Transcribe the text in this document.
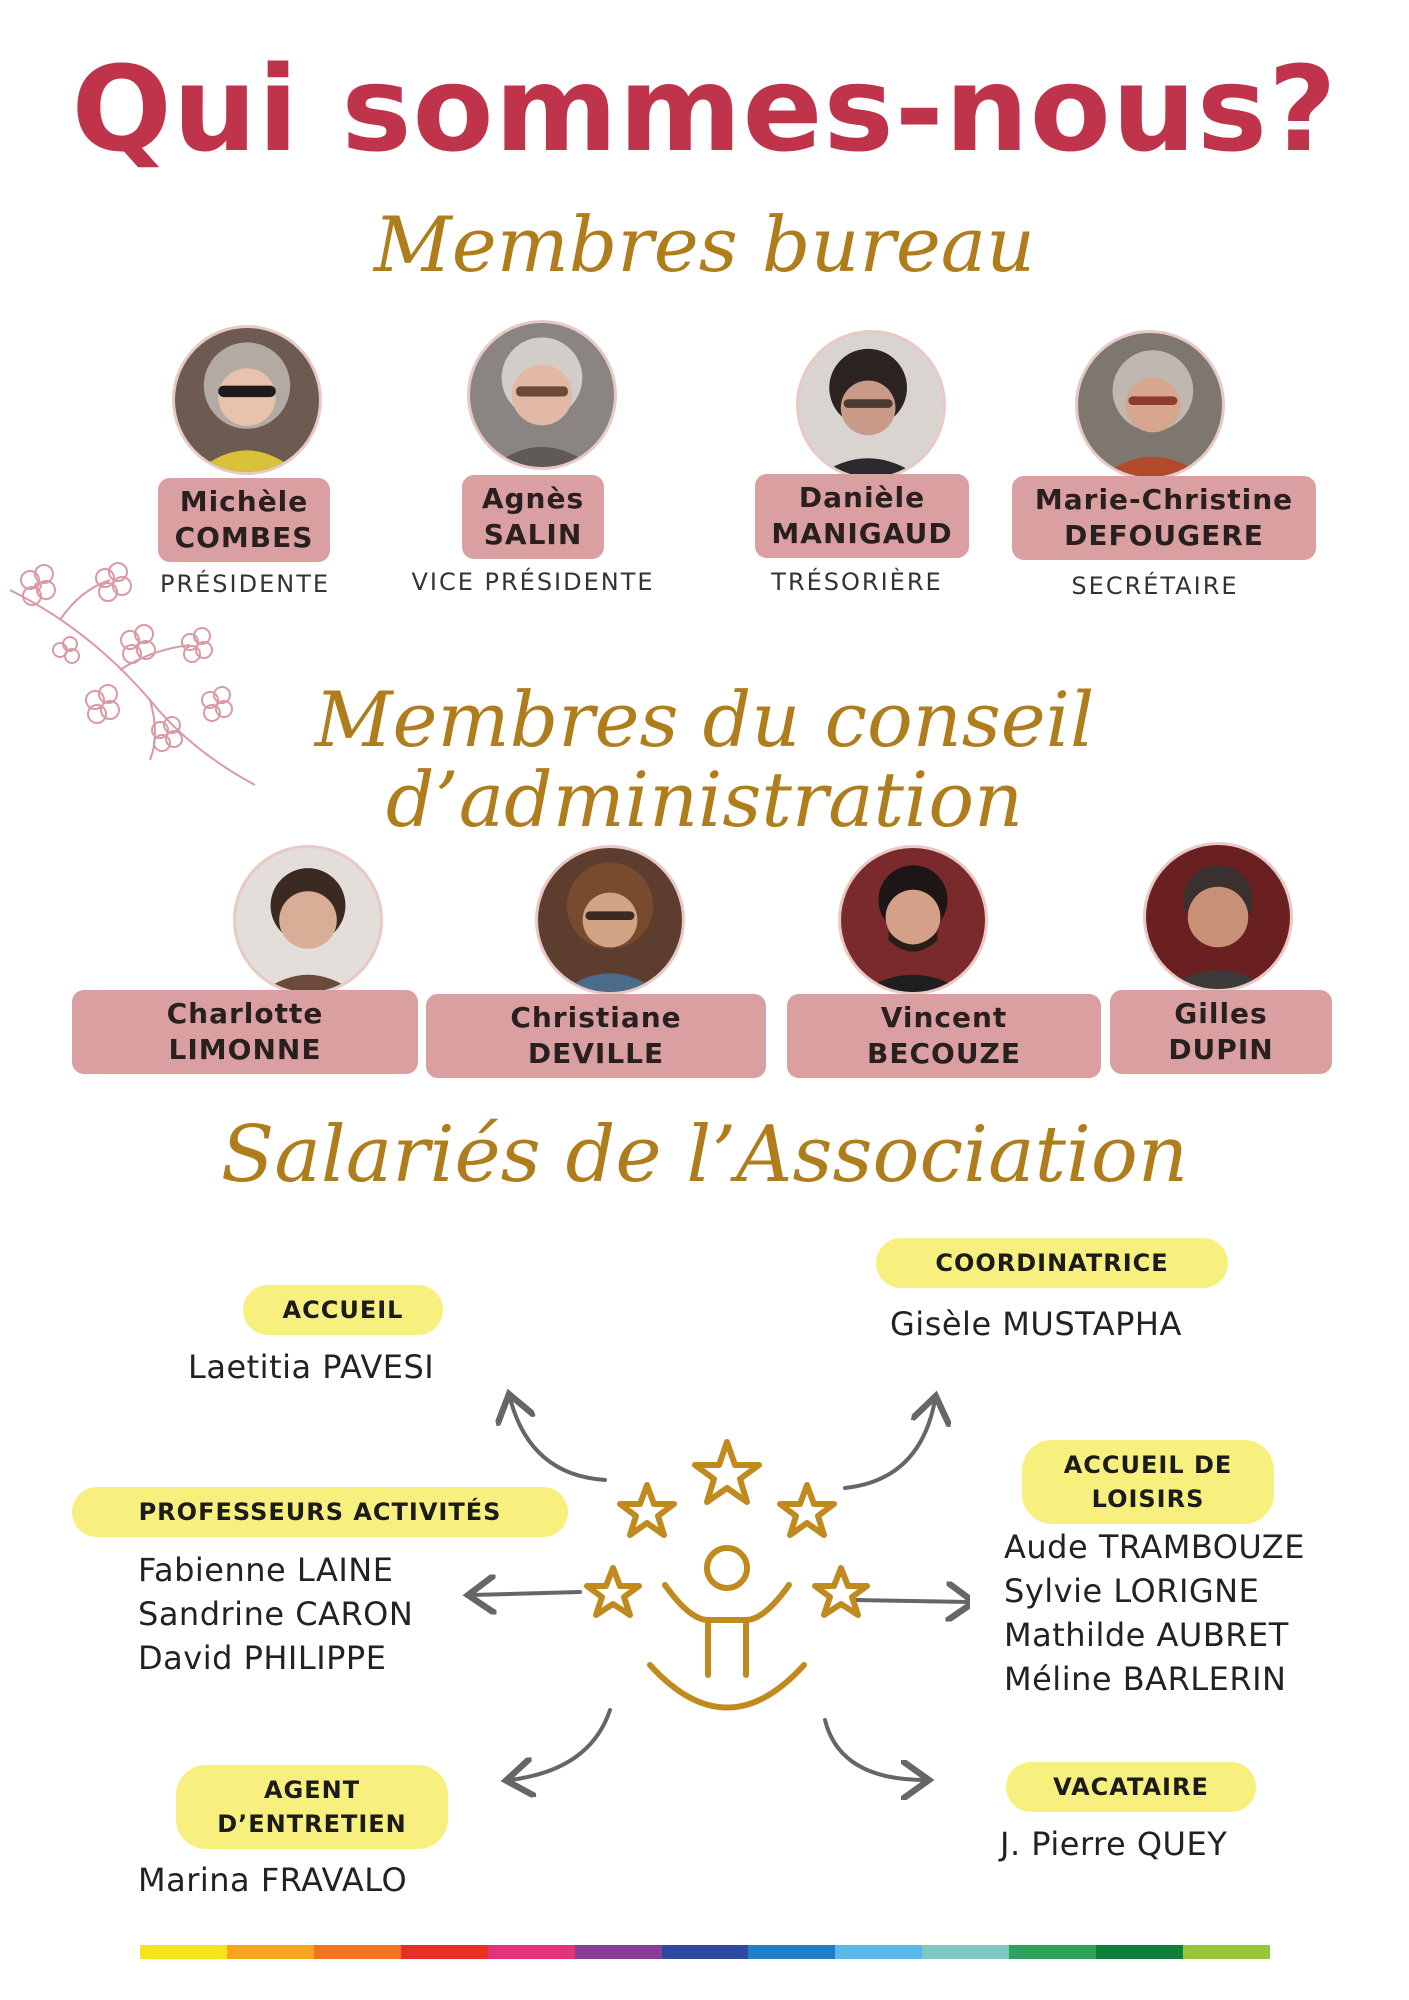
Qui sommes-nous?
Membres bureau
Michèle
COMBES
PRÉSIDENTE
Agnès
SALIN
VICE PRÉSIDENTE
Danièle
MANIGAUD
TRÉSORIÈRE
Marie-Christine
DEFOUGERE
SECRÉTAIRE
Membres du conseil
d’administration
Charlotte LIMONNE
Christiane DEVILLE
Vincent BECOUZE
Gilles DUPIN
Salariés de l’Association
ACCUEIL
Laetitia PAVESI
COORDINATRICE
Gisèle MUSTAPHA
PROFESSEURS ACTIVITÉS
Fabienne LAINE
Sandrine CARON
David PHILIPPE
ACCUEIL DE
LOISIRS
Aude TRAMBOUZE
Sylvie LORIGNE
Mathilde AUBRET
Méline BARLERIN
AGENT
D’ENTRETIEN
Marina FRAVALO
VACATAIRE
J. Pierre QUEY
